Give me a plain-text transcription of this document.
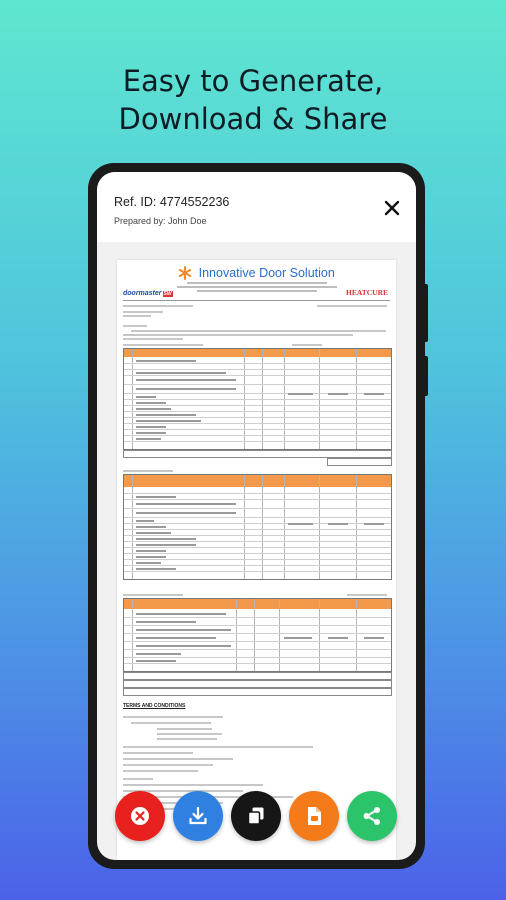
Easy to Generate,
Download & Share
Ref. ID: 4774552236
Prepared by: John Doe
Innovative Door Solution
doormaster SW	HEATCURE
TERMS AND CONDITIONS
